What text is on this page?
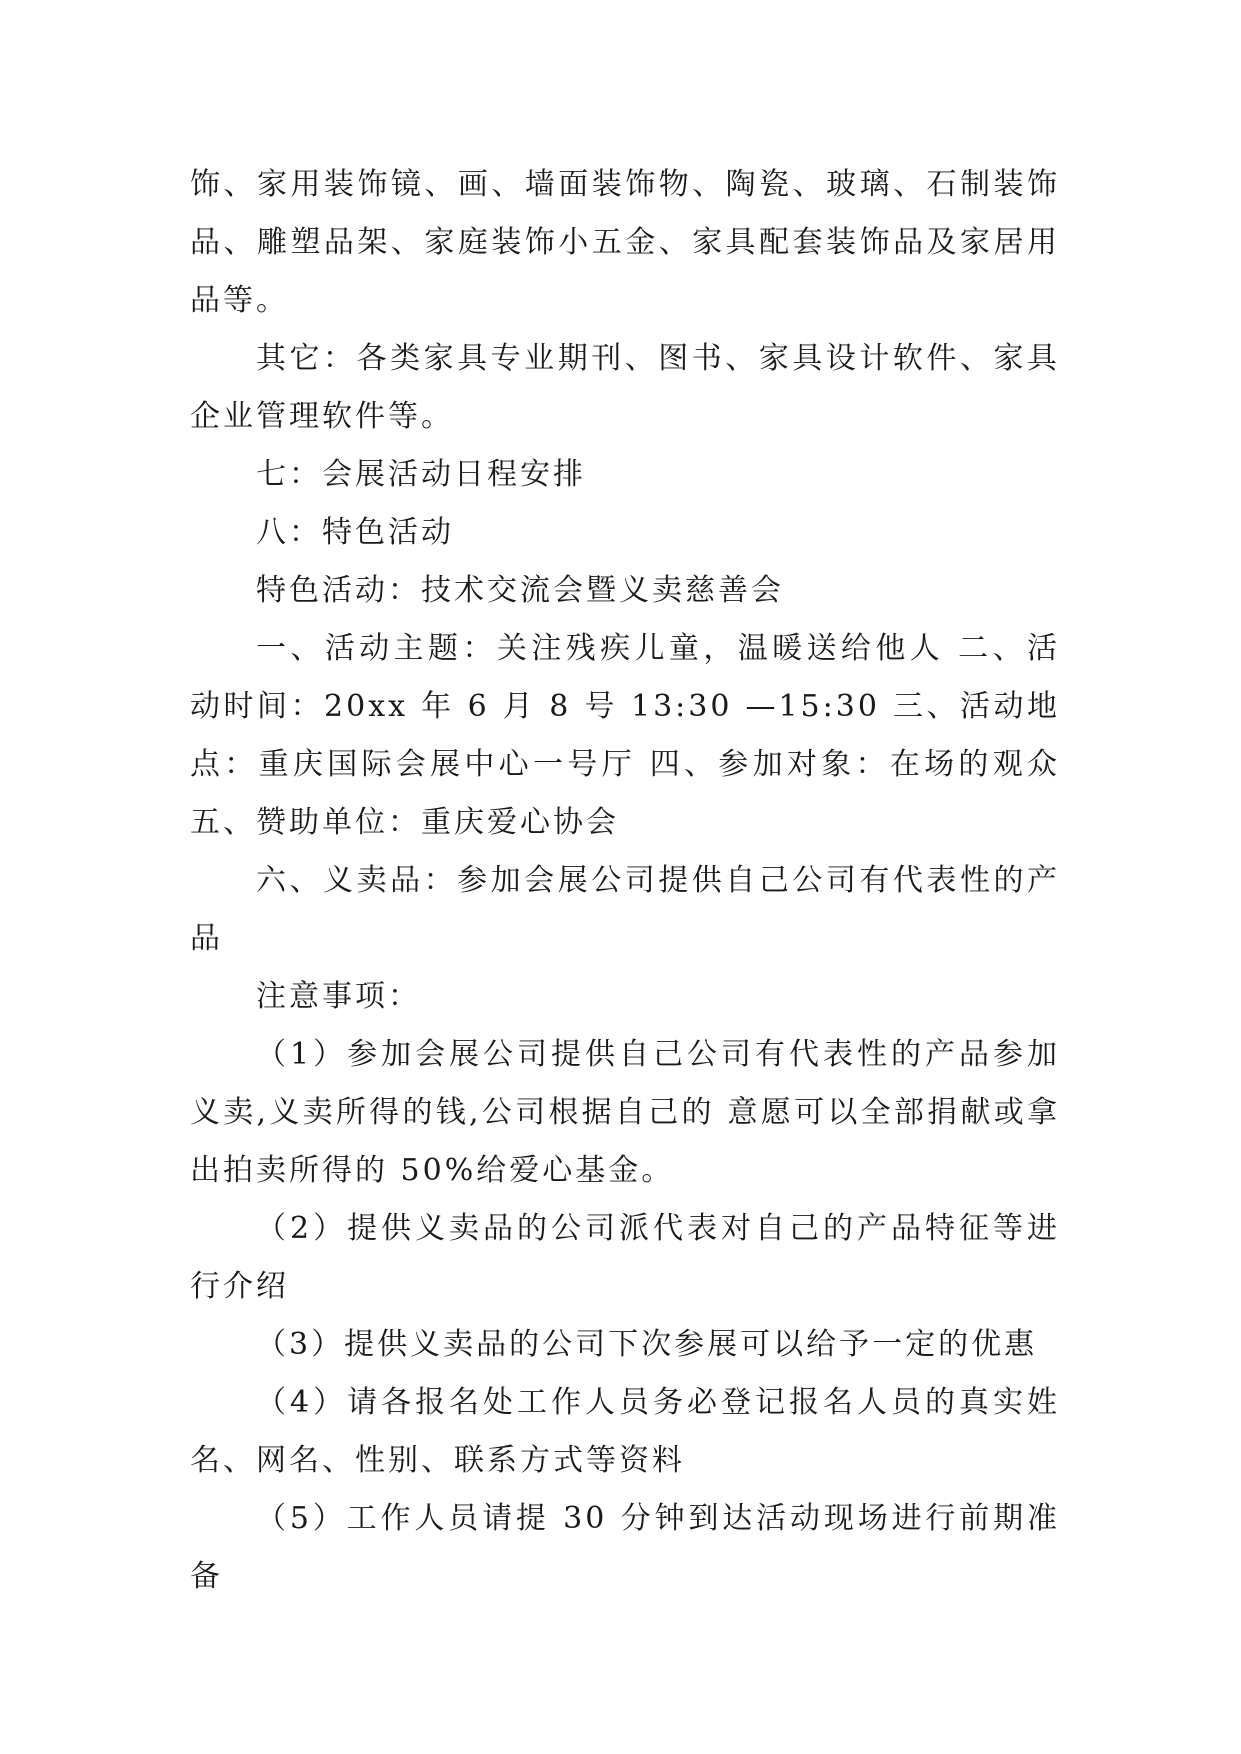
饰、家用装饰镜、画、墙面装饰物、陶瓷、玻璃、石制装饰品、雕塑品架、家庭装饰小五金、家具配套装饰品及家居用品等。

其它：各类家具专业期刊、图书、家具设计软件、家具企业管理软件等。

七：会展活动日程安排

八：特色活动

特色活动：技术交流会暨义卖慈善会

一、活动主题：关注残疾儿童，温暖送给他人 二、活动时间：20xx 年 6 月 8 号 13:30 —15:30 三、活动地点：重庆国际会展中心一号厅 四、参加对象：在场的观众 五、赞助单位：重庆爱心协会

六、义卖品：参加会展公司提供自己公司有代表性的产品

注意事项：

（1）参加会展公司提供自己公司有代表性的产品参加义卖,义卖所得的钱,公司根据自己的 意愿可以全部捐献或拿出拍卖所得的 50%给爱心基金。

（2）提供义卖品的公司派代表对自己的产品特征等进行介绍

（3）提供义卖品的公司下次参展可以给予一定的优惠

（4）请各报名处工作人员务必登记报名人员的真实姓名、网名、性别、联系方式等资料

（5）工作人员请提 30 分钟到达活动现场进行前期准备
